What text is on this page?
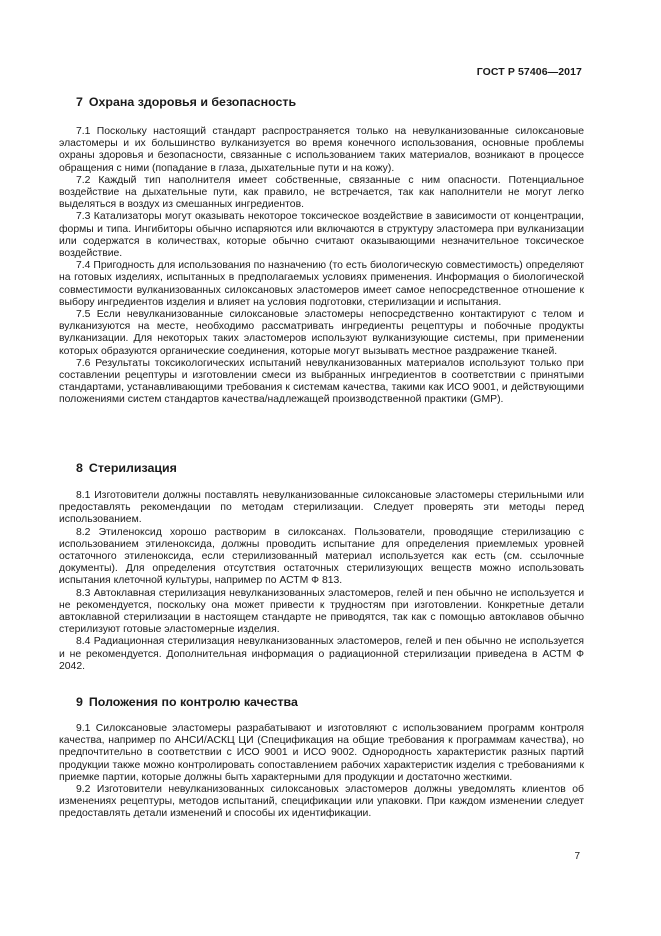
ГОСТ Р 57406—2017
7 Охрана здоровья и безопасность

7.1 Поскольку настоящий стандарт распространяется только на невулканизованные силоксановые эластомеры и их большинство вулканизуется во время конечного использования, основные проблемы охраны здоровья и безопасности, связанные с использованием таких материалов, возникают в процессе обращения с ними (попадание в глаза, дыхательные пути и на кожу).

7.2 Каждый тип наполнителя имеет собственные, связанные с ним опасности. Потенциальное воздействие на дыхательные пути, как правило, не встречается, так как наполнители не могут легко выделяться в воздух из смешанных ингредиентов.

7.3 Катализаторы могут оказывать некоторое токсическое воздействие в зависимости от концентрации, формы и типа. Ингибиторы обычно испаряются или включаются в структуру эластомера при вулканизации или содержатся в количествах, которые обычно считают оказывающими незначительное токсическое воздействие.

7.4 Пригодность для использования по назначению (то есть биологическую совместимость) определяют на готовых изделиях, испытанных в предполагаемых условиях применения. Информация о биологической совместимости вулканизованных силоксановых эластомеров имеет самое непосредственное отношение к выбору ингредиентов изделия и влияет на условия подготовки, стерилизации и испытания.

7.5 Если невулканизованные силоксановые эластомеры непосредственно контактируют с телом и вулканизуются на месте, необходимо рассматривать ингредиенты рецептуры и побочные продукты вулканизации. Для некоторых таких эластомеров используют вулканизующие системы, при применении которых образуются органические соединения, которые могут вызывать местное раздражение тканей.

7.6 Результаты токсикологических испытаний невулканизованных материалов используют только при составлении рецептуры и изготовлении смеси из выбранных ингредиентов в соответствии с принятыми стандартами, устанавливающими требования к системам качества, такими как ИСО 9001, и действующими положениями систем стандартов качества/надлежащей производственной практики (GMP).

8 Стерилизация

8.1 Изготовители должны поставлять невулканизованные силоксановые эластомеры стерильными или предоставлять рекомендации по методам стерилизации. Следует проверять эти методы перед использованием.

8.2 Этиленоксид хорошо растворим в силоксанах. Пользователи, проводящие стерилизацию с использованием этиленоксида, должны проводить испытание для определения приемлемых уровней остаточного этиленоксида, если стерилизованный материал используется как есть (см. ссылочные документы). Для определения отсутствия остаточных стерилизующих веществ можно использовать испытания клеточной культуры, например по АСТМ Ф 813.

8.3 Автоклавная стерилизация невулканизованных эластомеров, гелей и пен обычно не используется и не рекомендуется, поскольку она может привести к трудностям при изготовлении. Конкретные детали автоклавной стерилизации в настоящем стандарте не приводятся, так как с помощью автоклавов обычно стерилизуют готовые эластомерные изделия.

8.4 Радиационная стерилизация невулканизованных эластомеров, гелей и пен обычно не используется и не рекомендуется. Дополнительная информация о радиационной стерилизации приведена в АСТМ Ф 2042.

9 Положения по контролю качества

9.1 Силоксановые эластомеры разрабатывают и изготовляют с использованием программ контроля качества, например по АНСИ/АСКЦ ЦИ (Спецификация на общие требования к программам качества), но предпочтительно в соответствии с ИСО 9001 и ИСО 9002. Однородность характеристик разных партий продукции также можно контролировать сопоставлением рабочих характеристик изделия с требованиями к приемке партии, которые должны быть характерными для продукции и достаточно жесткими.

9.2 Изготовители невулканизованных силоксановых эластомеров должны уведомлять клиентов об изменениях рецептуры, методов испытаний, спецификации или упаковки. При каждом изменении следует предоставлять детали изменений и способы их идентификации.

7
